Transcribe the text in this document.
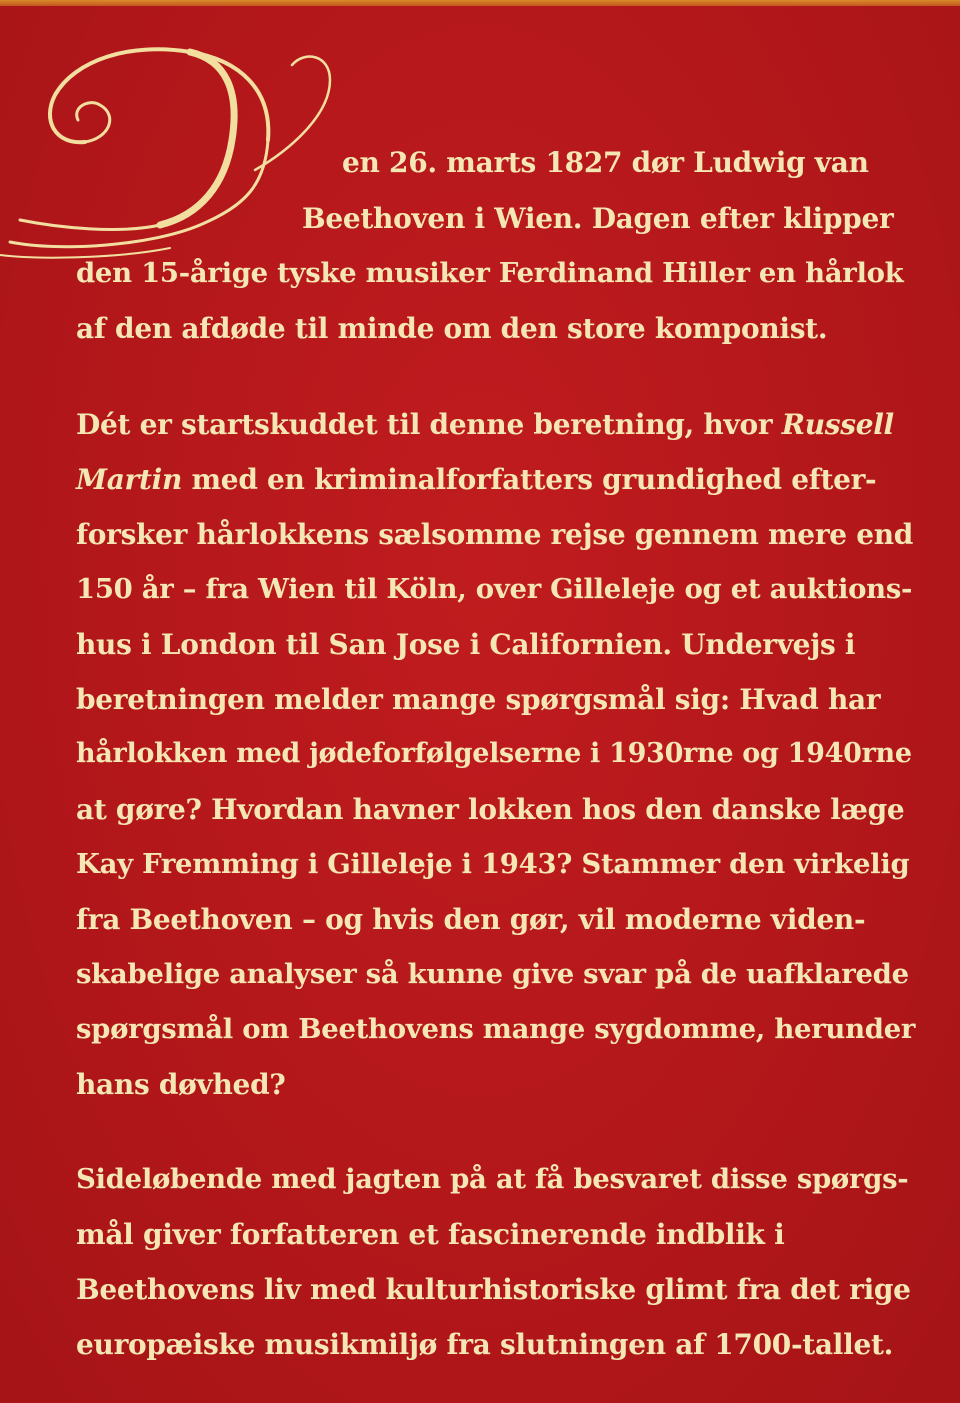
en 26. marts 1827 dør Ludwig van
Beethoven i Wien. Dagen efter klipper
den 15-årige tyske musiker Ferdinand Hiller en hårlok
af den afdøde til minde om den store komponist.
Dét er startskuddet til denne beretning, hvor Russell
Martin med en kriminalforfatters grundighed efter-
forsker hårlokkens sælsomme rejse gennem mere end
150 år – fra Wien til Köln, over Gilleleje og et auktions-
hus i London til San Jose i Californien. Undervejs i
beretningen melder mange spørgsmål sig: Hvad har
hårlokken med jødeforfølgelserne i 1930rne og 1940rne
at gøre? Hvordan havner lokken hos den danske læge
Kay Fremming i Gilleleje i 1943? Stammer den virkelig
fra Beethoven – og hvis den gør, vil moderne viden-
skabelige analyser så kunne give svar på de uafklarede
spørgsmål om Beethovens mange sygdomme, herunder
hans døvhed?
Sideløbende med jagten på at få besvaret disse spørgs-
mål giver forfatteren et fascinerende indblik i
Beethovens liv med kulturhistoriske glimt fra det rige
europæiske musikmiljø fra slutningen af 1700-tallet.
